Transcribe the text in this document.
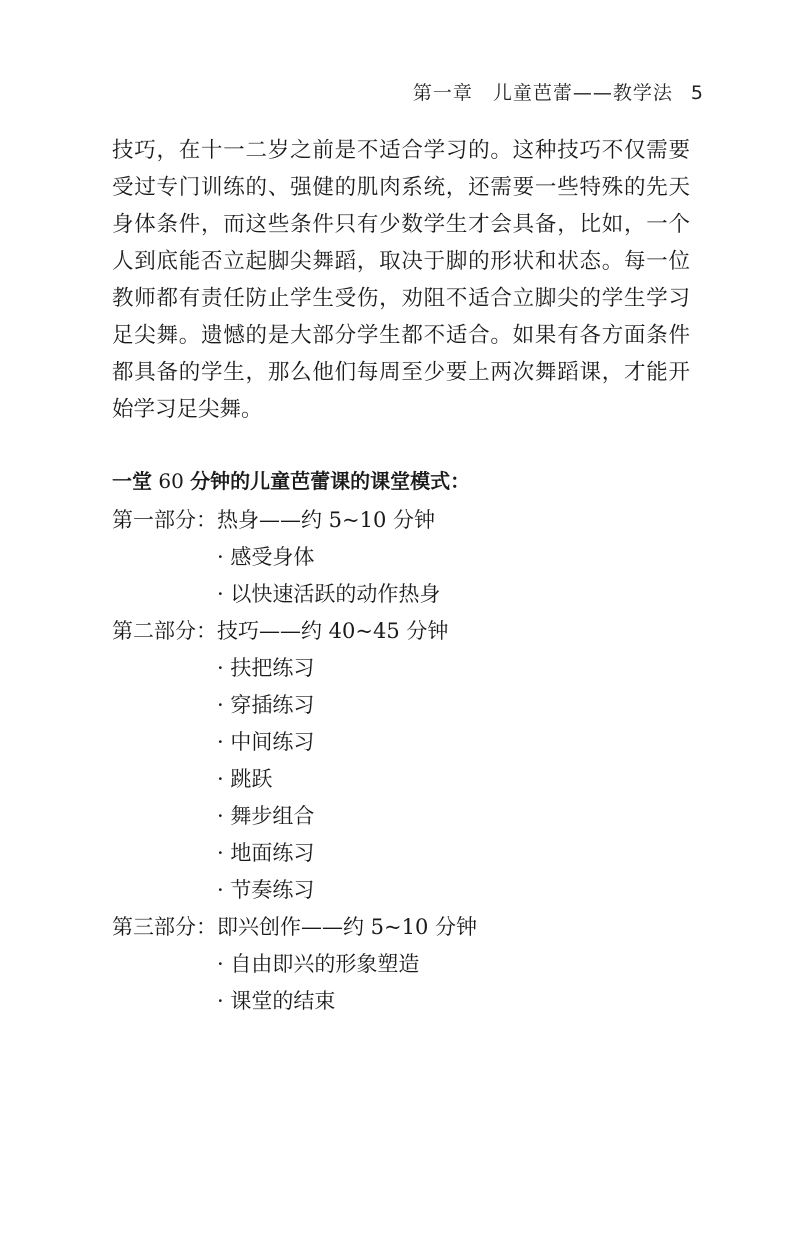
第一章　儿童芭蕾——教学法 5

技巧，在十一二岁之前是不适合学习的。这种技巧不仅需要受过专门训练的、强健的肌肉系统，还需要一些特殊的先天身体条件，而这些条件只有少数学生才会具备，比如，一个人到底能否立起脚尖舞蹈，取决于脚的形状和状态。每一位教师都有责任防止学生受伤，劝阻不适合立脚尖的学生学习足尖舞。遗憾的是大部分学生都不适合。如果有各方面条件都具备的学生，那么他们每周至少要上两次舞蹈课，才能开始学习足尖舞。

一堂 60 分钟的儿童芭蕾课的课堂模式：
第一部分：热身——约 5~10 分钟
· 感受身体
· 以快速活跃的动作热身
第二部分：技巧——约 40~45 分钟
· 扶把练习
· 穿插练习
· 中间练习
· 跳跃
· 舞步组合
· 地面练习
· 节奏练习
第三部分：即兴创作——约 5~10 分钟
· 自由即兴的形象塑造
· 课堂的结束
